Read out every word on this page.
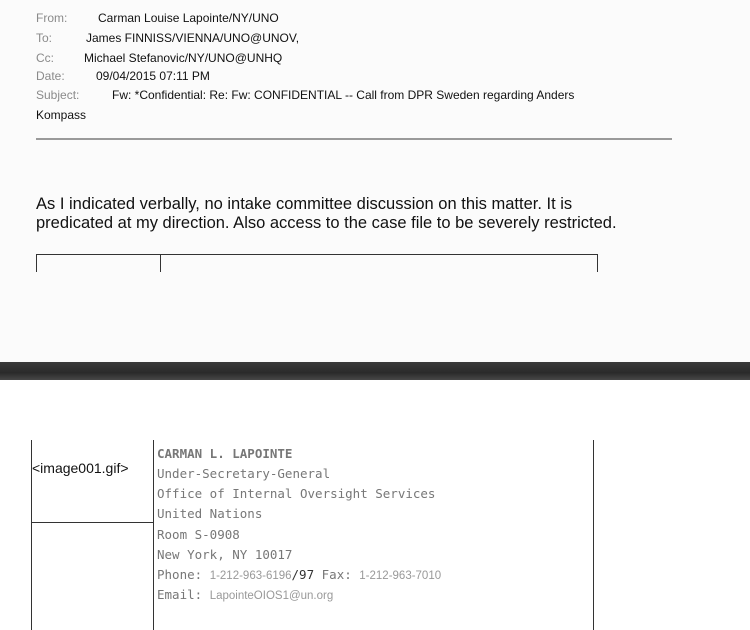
From:	Carman Louise Lapointe/NY/UNO
To:	James FINNISS/VIENNA/UNO@UNOV,
Cc:	Michael Stefanovic/NY/UNO@UNHQ
Date:	09/04/2015 07:11 PM
Subject:	Fw: *Confidential: Re: Fw: CONFIDENTIAL -- Call from DPR Sweden regarding Anders
Kompass
As I indicated verbally, no intake committee discussion on this matter. It is
predicated at my direction. Also access to the case file to be severely restricted.
<image001.gif>
CARMAN L. LAPOINTE
Under-Secretary-General
Office of Internal Oversight Services
United Nations
Room S-0908
New York, NY 10017
Phone: 1-212-963-6196/97 Fax: 1-212-963-7010
Email: LapointeOIOS1@un.org
